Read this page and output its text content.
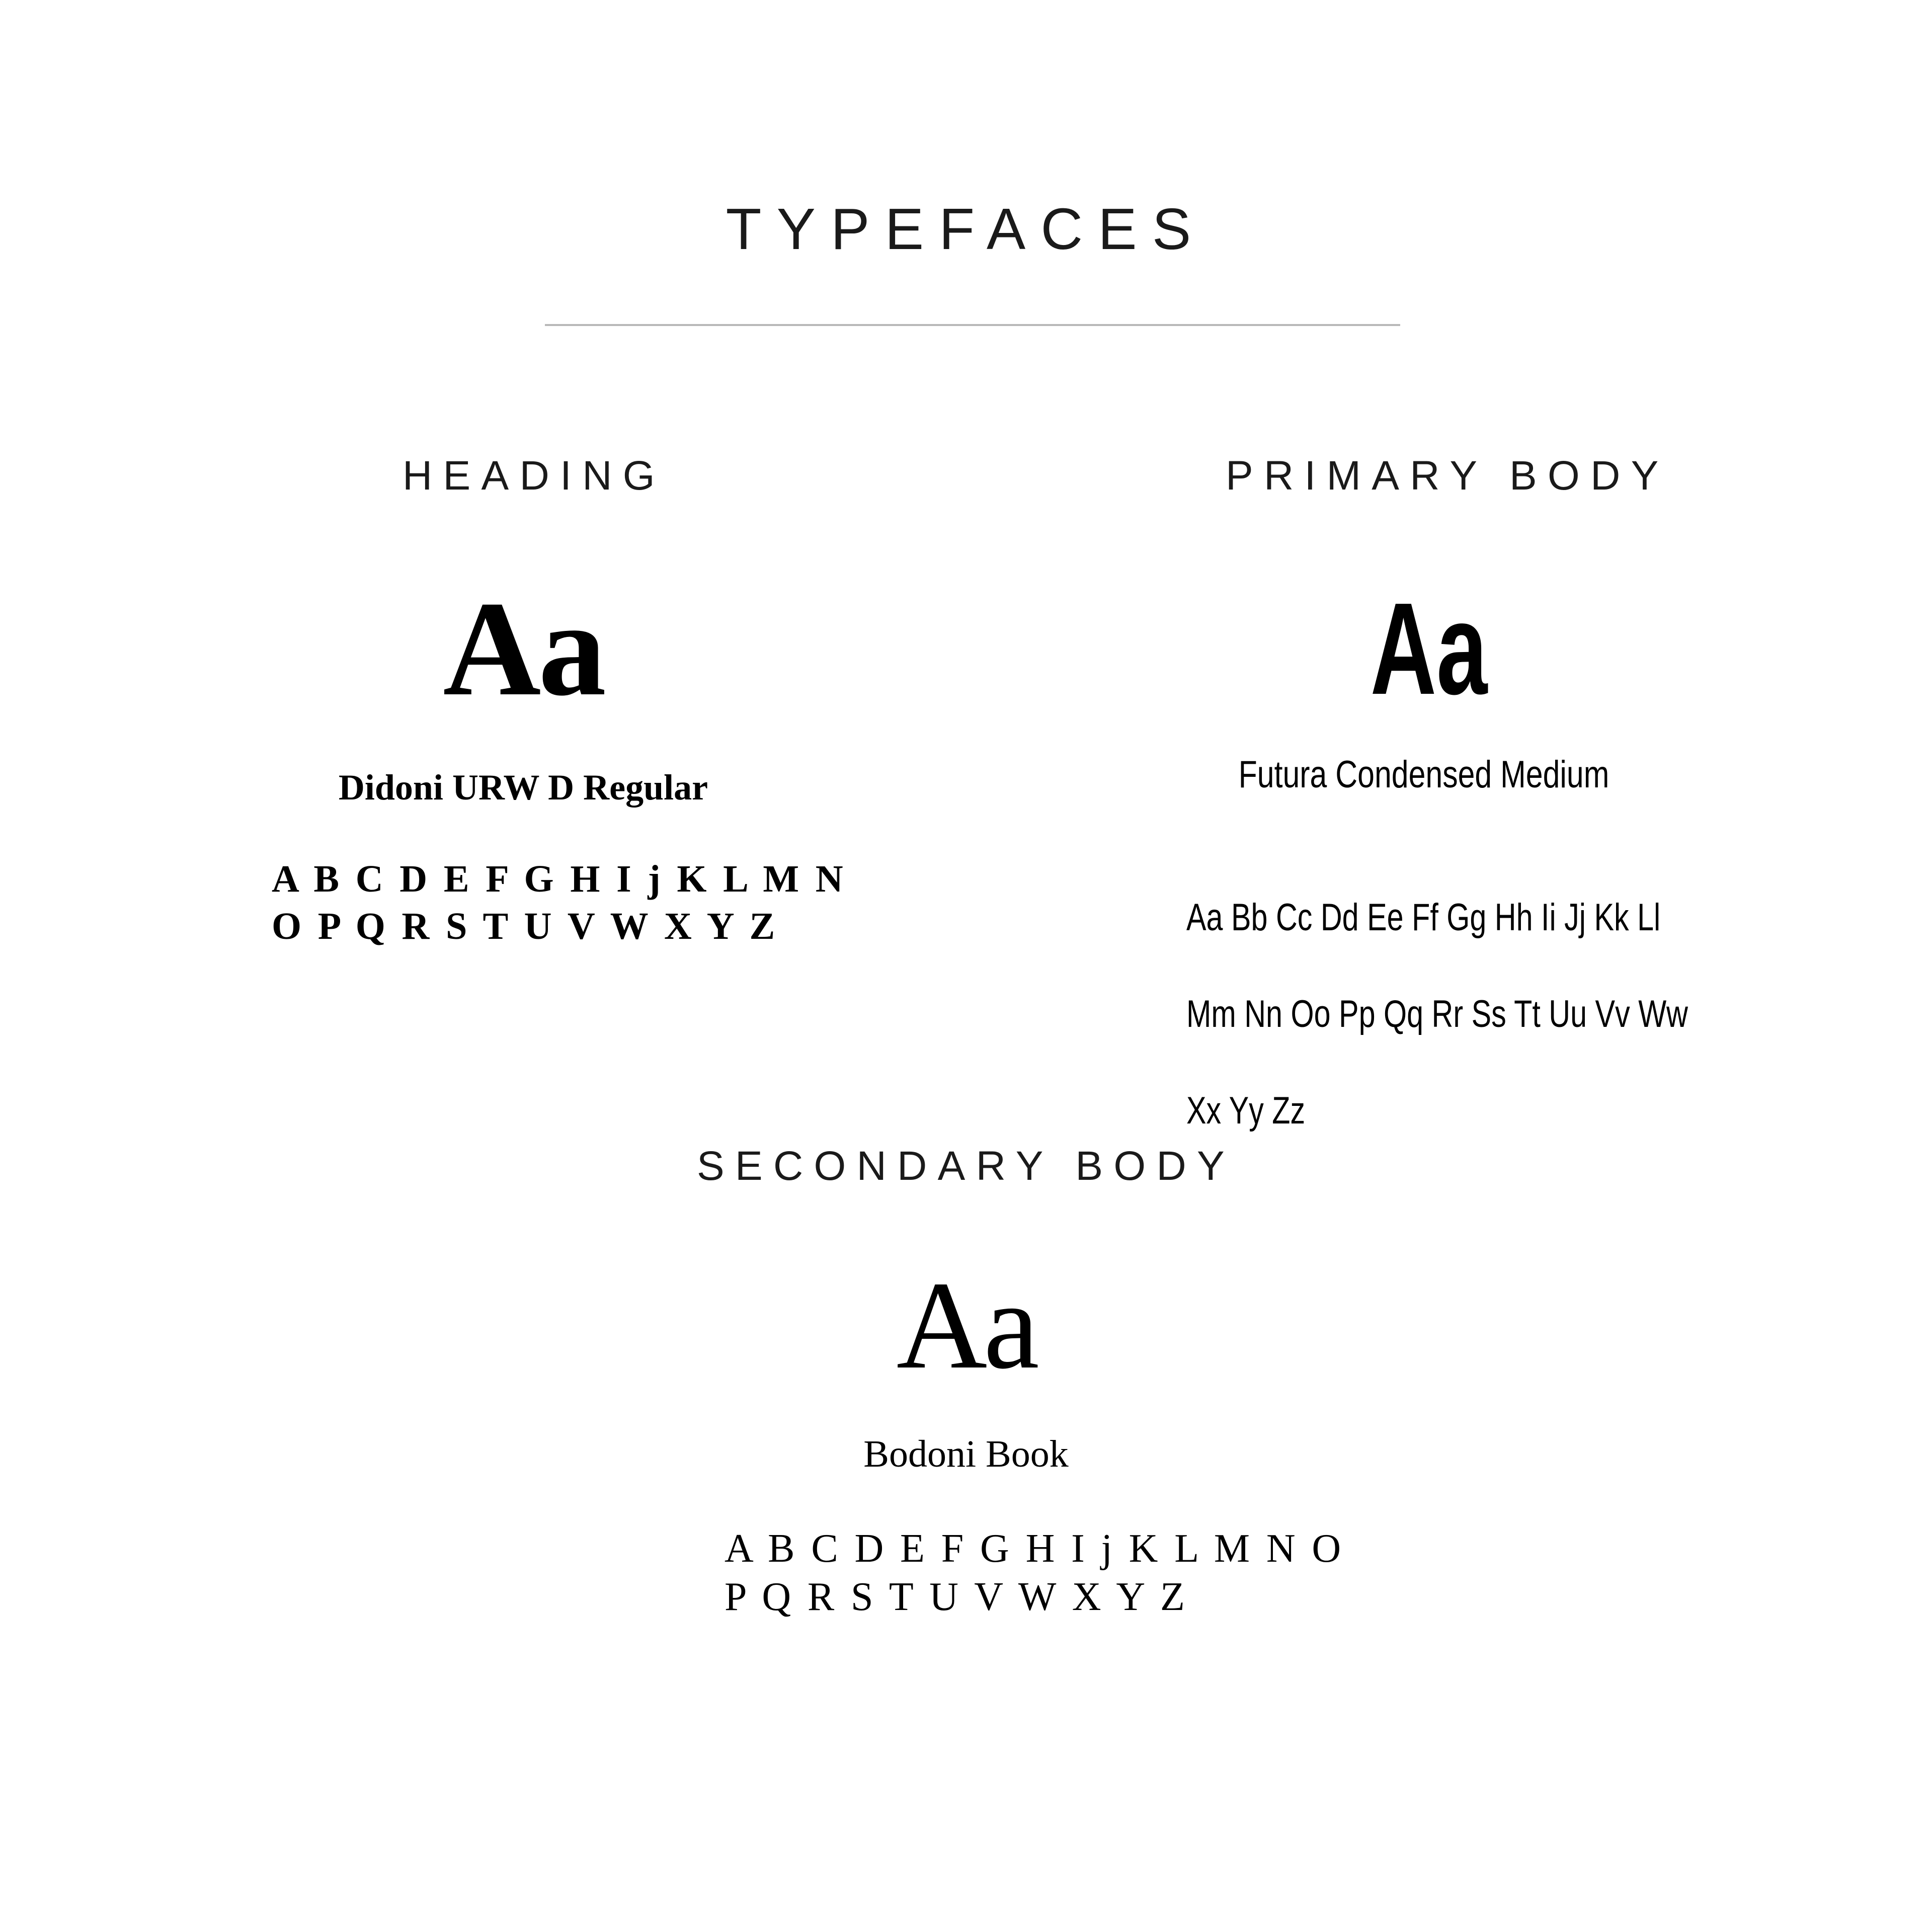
TYPEFACES
HEADING
Aa
Didoni URW D Regular
A B C D E F G H I j K L M N
O P Q R S T U V W X Y Z
PRIMARY BODY
Aa
Futura Condensed Medium

Aa Bb Cc Dd Ee Ff Gg Hh Ii Jj Kk Ll

Mm Nn Oo Pp Qq Rr Ss Tt Uu Vv Ww

Xx Yy Zz

SECONDARY BODY
Aa
Bodoni Book
A B C D E F G H I j K L M N O
P Q R S T U V W X Y Z
